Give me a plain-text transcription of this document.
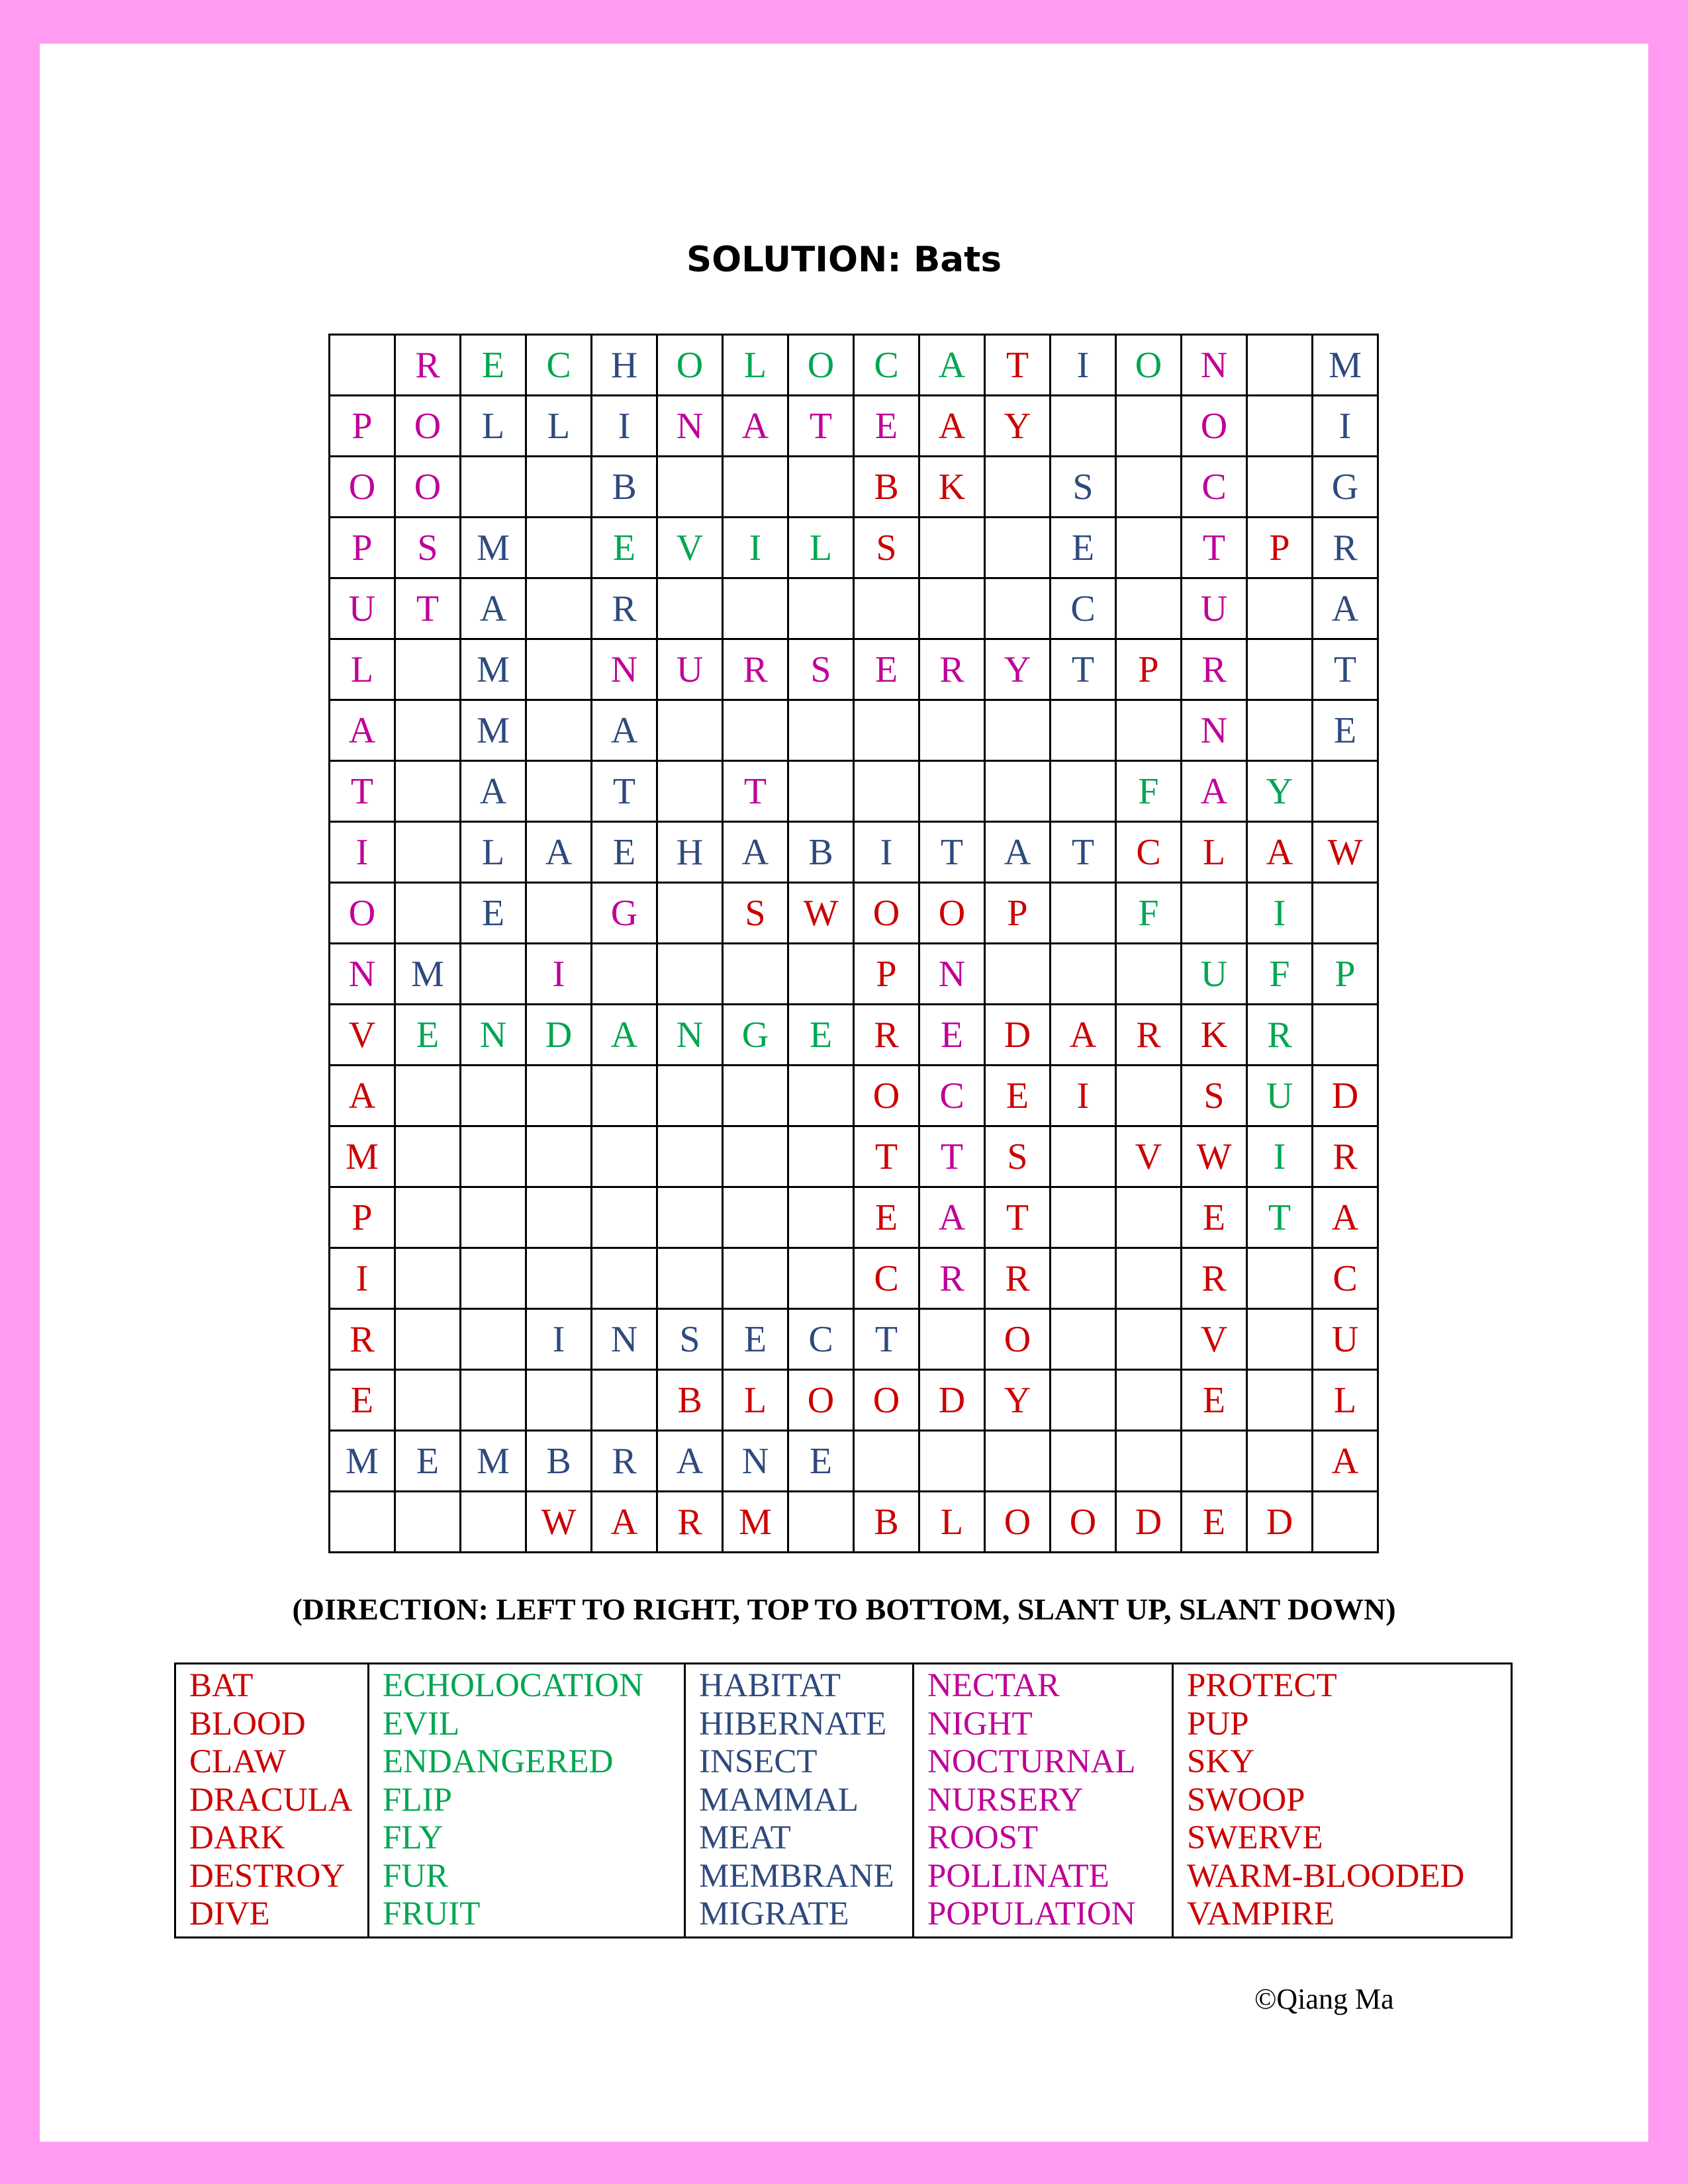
SOLUTION: Bats
	R	E	C	H	O	L	O	C	A	T	I	O	N		M
P	O	L	L	I	N	A	T	E	A	Y			O		I
O	O			B				B	K		S		C		G
P	S	M		E	V	I	L	S			E		T	P	R
U	T	A		R							C		U		A
L		M		N	U	R	S	E	R	Y	T	P	R		T
A		M		A									N		E
T		A		T		T						F	A	Y	
I		L	A	E	H	A	B	I	T	A	T	C	L	A	W
O		E		G		S	W	O	O	P		F		I	
N	M		I					P	N				U	F	P
V	E	N	D	A	N	G	E	R	E	D	A	R	K	R	
A								O	C	E	I		S	U	D
M								T	T	S		V	W	I	R
P								E	A	T			E	T	A
I								C	R	R			R		C
R			I	N	S	E	C	T		O			V		U
E					B	L	O	O	D	Y			E		L
M	E	M	B	R	A	N	E								A
			W	A	R	M		B	L	O	O	D	E	D	
(DIRECTION: LEFT TO RIGHT, TOP TO BOTTOM, SLANT UP, SLANT DOWN)
BAT
BLOOD
CLAW
DRACULA
DARK
DESTROY
DIVE

ECHOLOCATION
EVIL
ENDANGERED
FLIP
FLY
FUR
FRUIT

HABITAT
HIBERNATE
INSECT
MAMMAL
MEAT
MEMBRANE
MIGRATE

NECTAR
NIGHT
NOCTURNAL
NURSERY
ROOST
POLLINATE
POPULATION

PROTECT
PUP
SKY
SWOOP
SWERVE
WARM-BLOODED
VAMPIRE
©Qiang Ma
